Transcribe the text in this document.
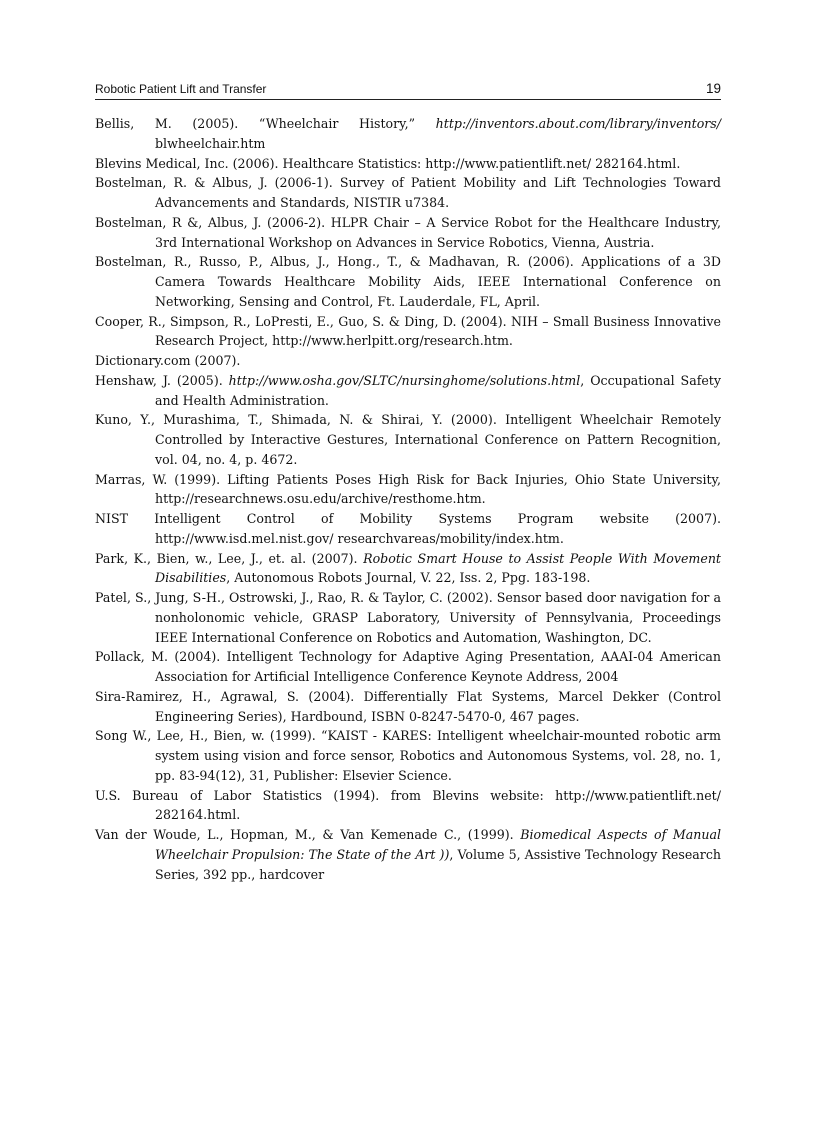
Robotic Patient Lift and Transfer	19

Bellis, M. (2005). “Wheelchair History,” http://inventors.about.com/library/inventors/ blwheelchair.htm

Blevins Medical, Inc. (2006). Healthcare Statistics: http://www.patientlift.net/ 282164.html.

Bostelman, R. & Albus, J. (2006-1). Survey of Patient Mobility and Lift Technologies Toward Advancements and Standards, NISTIR u7384.

Bostelman, R &, Albus, J. (2006-2). HLPR Chair – A Service Robot for the Healthcare Industry, 3rd International Workshop on Advances in Service Robotics, Vienna, Austria.

Bostelman, R., Russo, P., Albus, J., Hong., T., & Madhavan, R. (2006). Applications of a 3D Camera Towards Healthcare Mobility Aids, IEEE International Conference on Networking, Sensing and Control, Ft. Lauderdale, FL, April.

Cooper, R., Simpson, R., LoPresti, E., Guo, S. & Ding, D. (2004). NIH – Small Business Innovative Research Project, http://www.herlpitt.org/research.htm.

Dictionary.com (2007).

Henshaw, J. (2005). http://www.osha.gov/SLTC/nursinghome/solutions.html, Occupational Safety and Health Administration.

Kuno, Y., Murashima, T., Shimada, N. & Shirai, Y. (2000). Intelligent Wheelchair Remotely Controlled by Interactive Gestures, International Conference on Pattern Recognition, vol. 04, no. 4, p. 4672.

Marras, W. (1999). Lifting Patients Poses High Risk for Back Injuries, Ohio State University, http://researchnews.osu.edu/archive/resthome.htm.

NIST Intelligent Control of Mobility Systems Program website (2007). http://www.isd.mel.nist.gov/ researchvareas/mobility/index.htm.

Park, K., Bien, w., Lee, J., et. al. (2007). Robotic Smart House to Assist People With Movement Disabilities, Autonomous Robots Journal, V. 22, Iss. 2, Ppg. 183-198.

Patel, S., Jung, S-H., Ostrowski, J., Rao, R. & Taylor, C. (2002). Sensor based door navigation for a nonholonomic vehicle, GRASP Laboratory, University of Pennsylvania, Proceedings IEEE International Conference on Robotics and Automation, Washington, DC.

Pollack, M. (2004). Intelligent Technology for Adaptive Aging Presentation, AAAI-04 American Association for Artificial Intelligence Conference Keynote Address, 2004

Sira-Ramirez, H., Agrawal, S. (2004). Differentially Flat Systems, Marcel Dekker (Control Engineering Series), Hardbound, ISBN 0-8247-5470-0, 467 pages.

Song W., Lee, H., Bien, w. (1999). “KAIST - KARES: Intelligent wheelchair-mounted robotic arm system using vision and force sensor, Robotics and Autonomous Systems, vol. 28, no. 1, pp. 83-94(12), 31, Publisher: Elsevier Science.

U.S. Bureau of Labor Statistics (1994). from Blevins website: http://www.patientlift.net/ 282164.html.

Van der Woude, L., Hopman, M., & Van Kemenade C., (1999). Biomedical Aspects of Manual Wheelchair Propulsion: The State of the Art )), Volume 5, Assistive Technology Research Series, 392 pp., hardcover
